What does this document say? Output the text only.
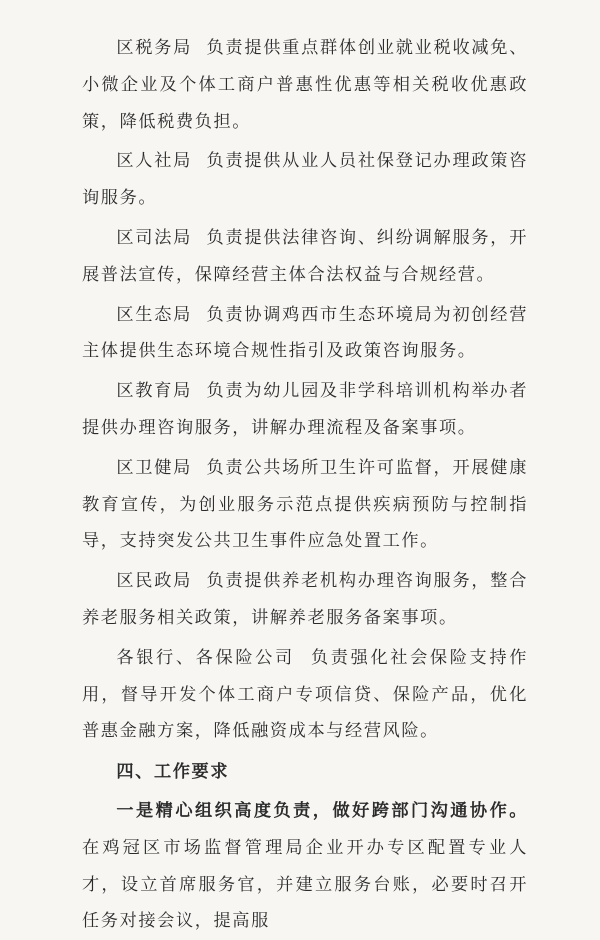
区税务局 负责提供重点群体创业就业税收减免、小微企业及个体工商户普惠性优惠等相关税收优惠政策，降低税费负担。

区人社局 负责提供从业人员社保登记办理政策咨询服务。

区司法局 负责提供法律咨询、纠纷调解服务，开展普法宣传，保障经营主体合法权益与合规经营。

区生态局 负责协调鸡西市生态环境局为初创经营主体提供生态环境合规性指引及政策咨询服务。

区教育局 负责为幼儿园及非学科培训机构举办者提供办理咨询服务，讲解办理流程及备案事项。

区卫健局 负责公共场所卫生许可监督，开展健康教育宣传，为创业服务示范点提供疾病预防与控制指导，支持突发公共卫生事件应急处置工作。

区民政局 负责提供养老机构办理咨询服务，整合养老服务相关政策，讲解养老服务备案事项。

各银行、各保险公司 负责强化社会保险支持作用，督导开发个体工商户专项信贷、保险产品，优化普惠金融方案，降低融资成本与经营风险。

四、工作要求

一是精心组织高度负责，做好跨部门沟通协作。在鸡冠区市场监督管理局企业开办专区配置专业人才，设立首席服务官，并建立服务台账，必要时召开任务对接会议，提高服
